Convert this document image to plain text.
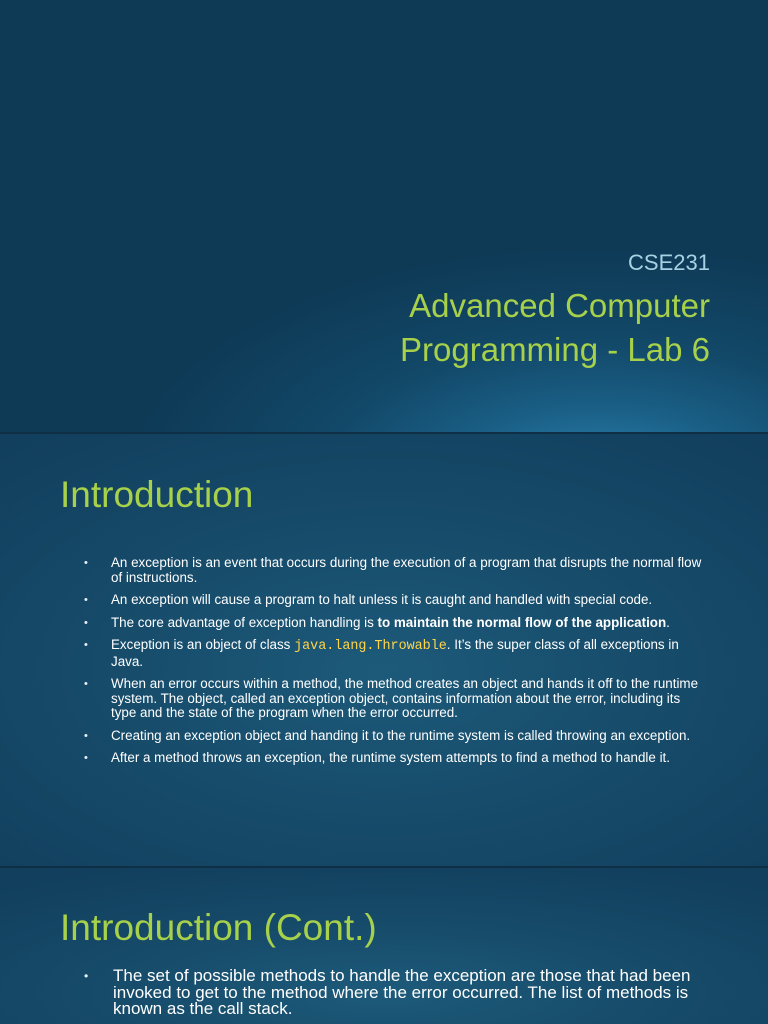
CSE231
Advanced Computer
Programming - Lab 6
Introduction
• An exception is an event that occurs during the execution of a program that disrupts the normal flow of instructions.
• An exception will cause a program to halt unless it is caught and handled with special code.
• The core advantage of exception handling is to maintain the normal flow of the application.
• Exception is an object of class java.lang.Throwable. It’s the super class of all exceptions in Java.
• When an error occurs within a method, the method creates an object and hands it off to the runtime system. The object, called an exception object, contains information about the error, including its type and the state of the program when the error occurred.
• Creating an exception object and handing it to the runtime system is called throwing an exception.
• After a method throws an exception, the runtime system attempts to find a method to handle it.
Introduction (Cont.)
• The set of possible methods to handle the exception are those that had been invoked to get to the method where the error occurred. The list of methods is known as the call stack.
